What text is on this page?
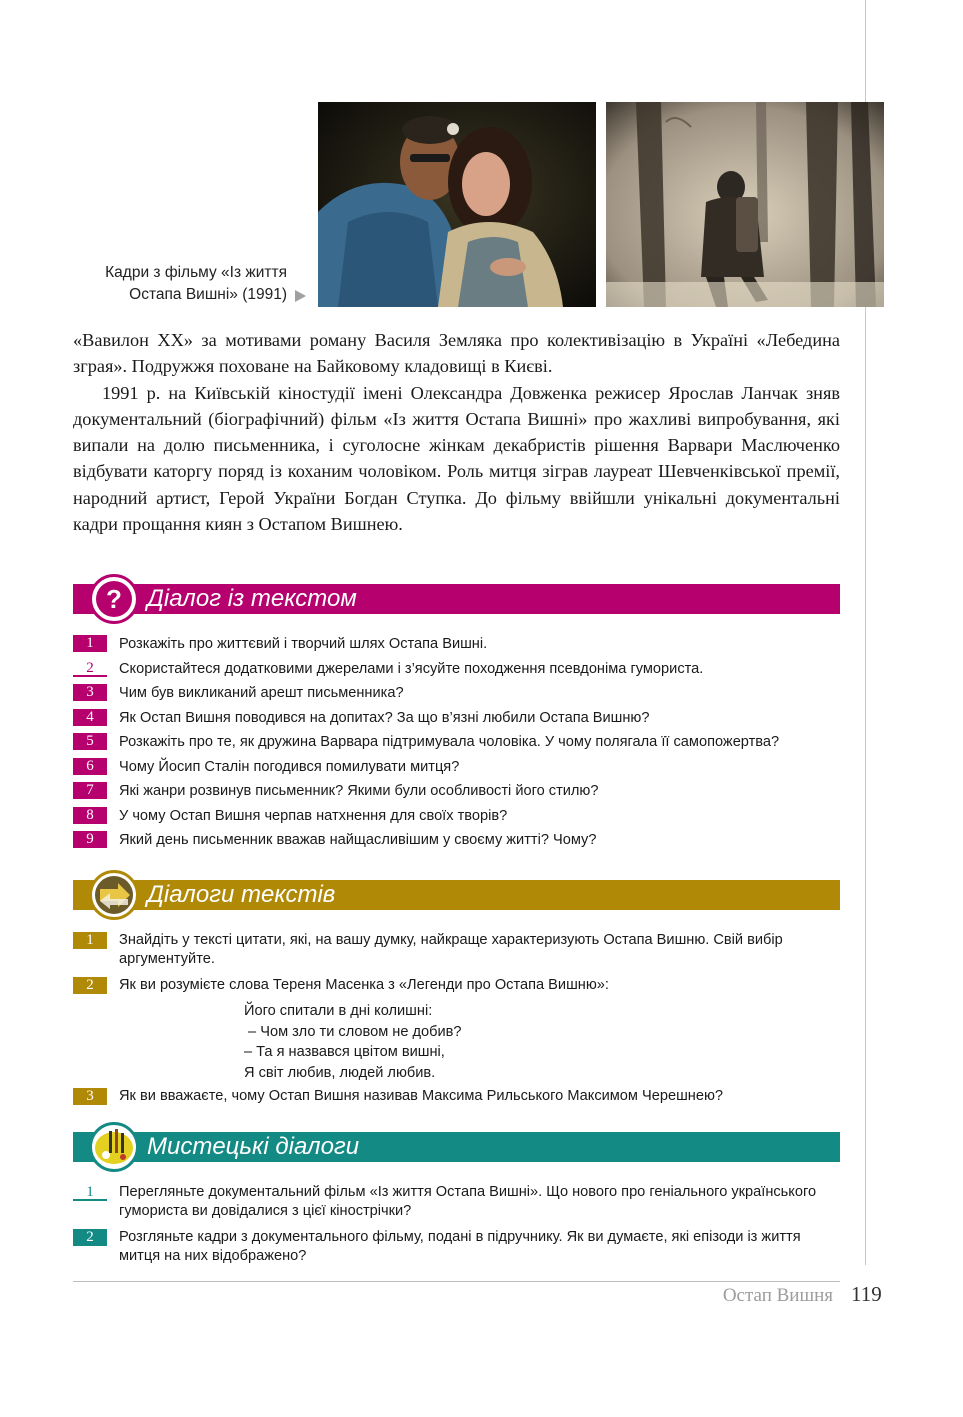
Кадри з фільму «Із життя
Остапа Вишні» (1991)

«Вавилон ХХ» за мотивами роману Василя Земляка про колективізацію в Україні «Лебедина зграя». Подружжя поховане на Байковому кладовищі в Києві.

1991 р. на Київській кіностудії імені Олександра Довженка режисер Ярослав Ланчак зняв документальний (біографічний) фільм «Із життя Остапа Вишні» про жахливі випробування, які випали на долю письменника, і суголосне жінкам декабристів рішення Варвари Маслюченко відбувати каторгу поряд із коханим чоловіком. Роль митця зіграв лауреат Шевченківської премії, народний артист, Герой України Богдан Ступка. До фільму ввійшли унікальні документальні кадри прощання киян з Остапом Вишнею.

? Діалог із текстом
1	Розкажіть про життєвий і творчий шлях Остапа Вишні.
2	Скористайтеся додатковими джерелами і з’ясуйте походження псевдоніма гумориста.
3	Чим був викликаний арешт письменника?
4	Як Остап Вишня поводився на допитах? За що в’язні любили Остапа Вишню?
5	Розкажіть про те, як дружина Варвара підтримувала чоловіка. У чому полягала її самопожертва?
6	Чому Йосип Сталін погодився помилувати митця?
7	Які жанри розвинув письменник? Якими були особливості його стилю?
8	У чому Остап Вишня черпав натхнення для своїх творів?
9	Який день письменник вважав найщасливішим у своєму житті? Чому?
Діалоги текстів
1	Знайдіть у тексті цитати, які, на вашу думку, найкраще характеризують Остапа Вишню. Свій вибір аргументуйте.
2	Як ви розумієте слова Тереня Масенка з «Легенди про Остапа Вишню»:
3	Як ви вважаєте, чому Остап Вишня називав Максима Рильського Максимом Черешнею?
Його спитали в дні колишні:
– Чом зло ти словом не добив?
– Та я назвався цвітом вишні,
Я світ любив, людей любив.
Мистецькі діалоги
1	Перегляньте документальний фільм «Із життя Остапа Вишні». Що нового про геніального українського гумориста ви довідалися з цієї кінострічки?
2	Розгляньте кадри з документального фільму, подані в підручнику. Як ви думаєте, які епізоди із життя митця на них відображено?
Остап Вишня 119
